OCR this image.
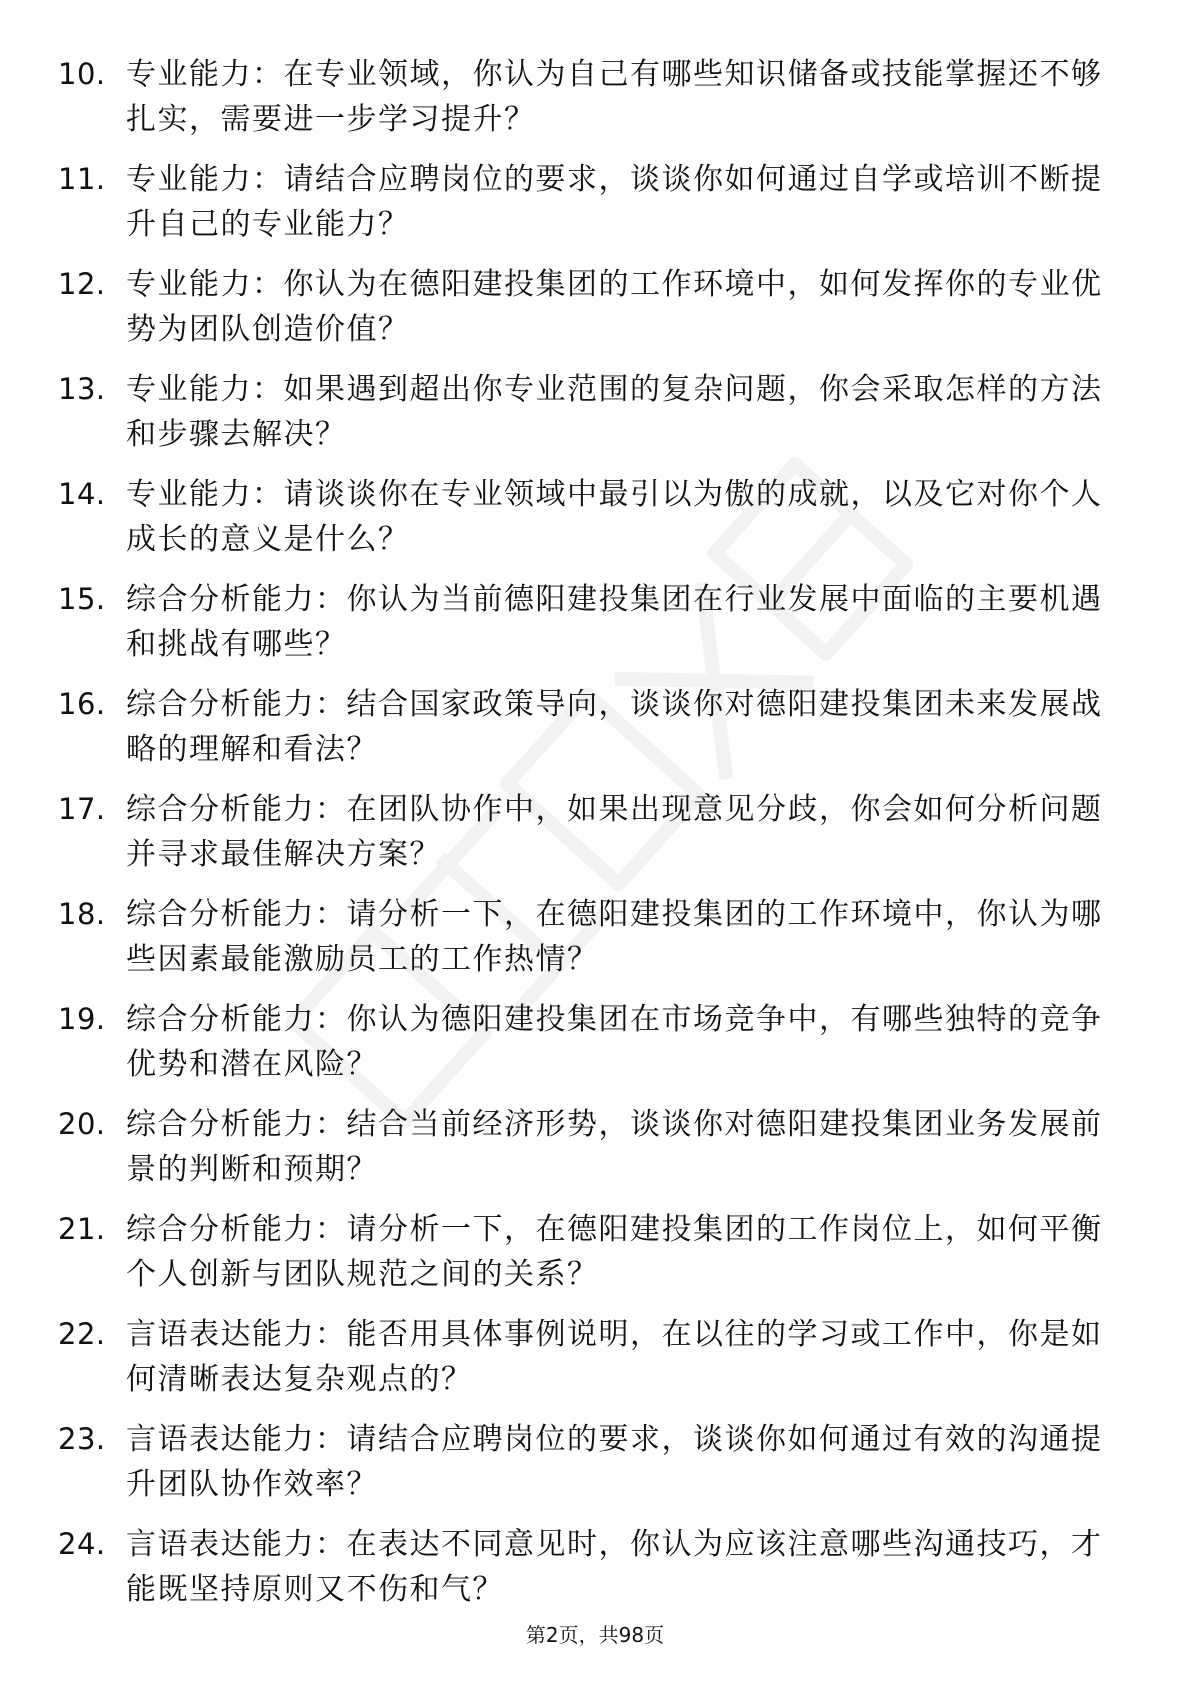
10. 专业能力：在专业领域，你认为自己有哪些知识储备或技能掌握还不够扎实，需要进一步学习提升？
11. 专业能力：请结合应聘岗位的要求，谈谈你如何通过自学或培训不断提升自己的专业能力？
12. 专业能力：你认为在德阳建投集团的工作环境中，如何发挥你的专业优势为团队创造价值？
13. 专业能力：如果遇到超出你专业范围的复杂问题，你会采取怎样的方法和步骤去解决？
14. 专业能力：请谈谈你在专业领域中最引以为傲的成就，以及它对你个人成长的意义是什么？
15. 综合分析能力：你认为当前德阳建投集团在行业发展中面临的主要机遇和挑战有哪些？
16. 综合分析能力：结合国家政策导向，谈谈你对德阳建投集团未来发展战略的理解和看法？
17. 综合分析能力：在团队协作中，如果出现意见分歧，你会如何分析问题并寻求最佳解决方案？
18. 综合分析能力：请分析一下，在德阳建投集团的工作环境中，你认为哪些因素最能激励员工的工作热情？
19. 综合分析能力：你认为德阳建投集团在市场竞争中，有哪些独特的竞争优势和潜在风险？
20. 综合分析能力：结合当前经济形势，谈谈你对德阳建投集团业务发展前景的判断和预期？
21. 综合分析能力：请分析一下，在德阳建投集团的工作岗位上，如何平衡个人创新与团队规范之间的关系？
22. 言语表达能力：能否用具体事例说明，在以往的学习或工作中，你是如何清晰表达复杂观点的？
23. 言语表达能力：请结合应聘岗位的要求，谈谈你如何通过有效的沟通提升团队协作效率？
24. 言语表达能力：在表达不同意见时，你认为应该注意哪些沟通技巧，才能既坚持原则又不伤和气？
第2页，共98页
